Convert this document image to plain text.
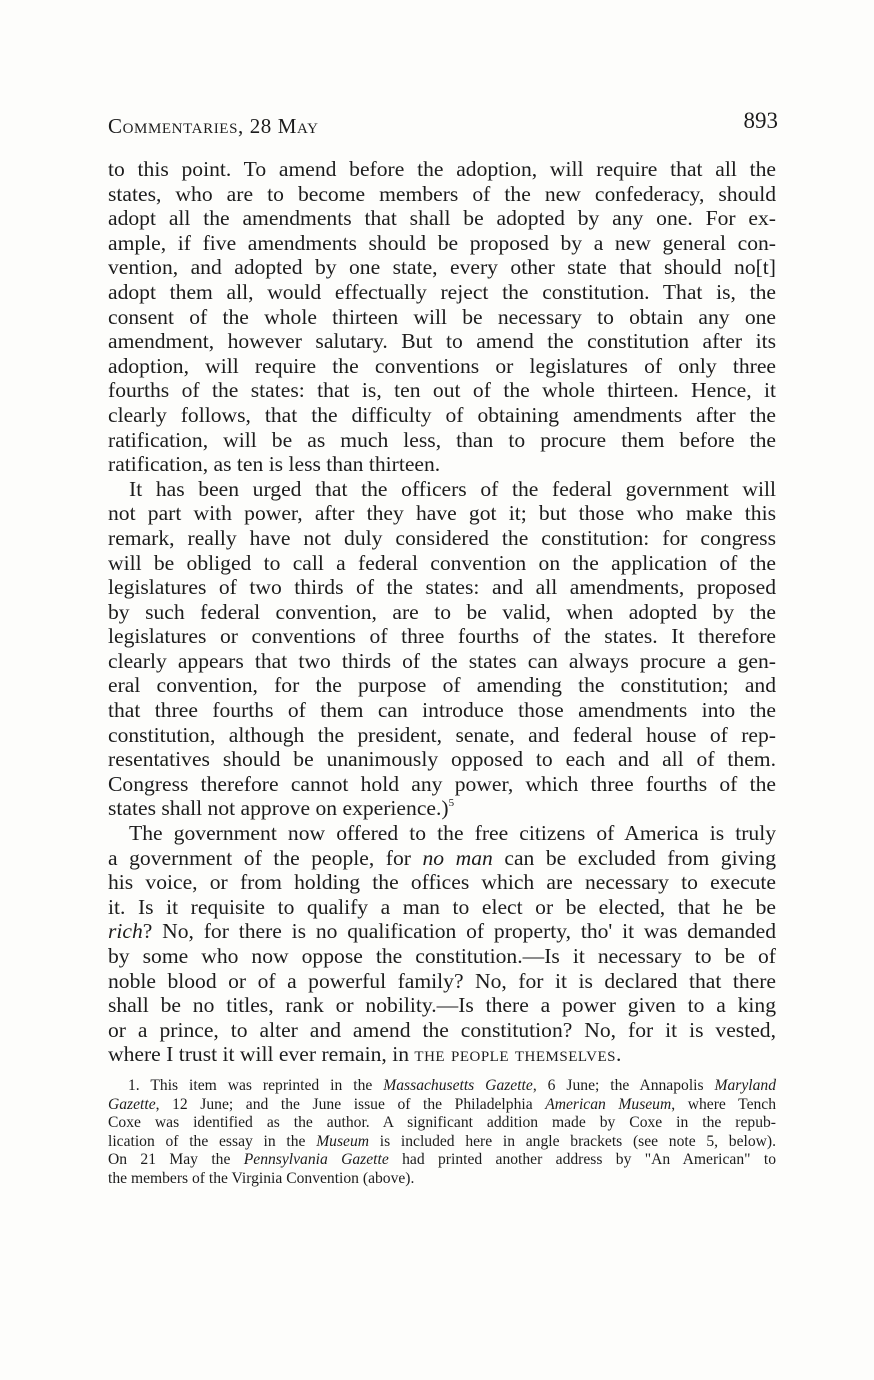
Commentaries, 28 May	893

to this point. To amend before the adoption, will require that all the
states, who are to become members of the new confederacy, should
adopt all the amendments that shall be adopted by any one. For ex-
ample, if five amendments should be proposed by a new general con-
vention, and adopted by one state, every other state that should no[t]
adopt them all, would effectually reject the constitution. That is, the
consent of the whole thirteen will be necessary to obtain any one
amendment, however salutary. But to amend the constitution after its
adoption, will require the conventions or legislatures of only three
fourths of the states: that is, ten out of the whole thirteen. Hence, it
clearly follows, that the difficulty of obtaining amendments after the
ratification, will be as much less, than to procure them before the
ratification, as ten is less than thirteen.

It has been urged that the officers of the federal government will
not part with power, after they have got it; but those who make this
remark, really have not duly considered the constitution: for congress
will be obliged to call a federal convention on the application of the
legislatures of two thirds of the states: and all amendments, proposed
by such federal convention, are to be valid, when adopted by the
legislatures or conventions of three fourths of the states. It therefore
clearly appears that two thirds of the states can always procure a gen-
eral convention, for the purpose of amending the constitution; and
that three fourths of them can introduce those amendments into the
constitution, although the president, senate, and federal house of rep-
resentatives should be unanimously opposed to each and all of them.
Congress therefore cannot hold any power, which three fourths of the
states shall not approve on experience.)$^5$

The government now offered to the free citizens of America is truly
a government of the people, for no man can be excluded from giving
his voice, or from holding the offices which are necessary to execute
it. Is it requisite to qualify a man to elect or be elected, that he be
rich? No, for there is no qualification of property, tho' it was demanded
by some who now oppose the constitution.—Is it necessary to be of
noble blood or of a powerful family? No, for it is declared that there
shall be no titles, rank or nobility.—Is there a power given to a king
or a prince, to alter and amend the constitution? No, for it is vested,
where I trust it will ever remain, in the people themselves.

1. This item was reprinted in the Massachusetts Gazette, 6 June; the Annapolis Maryland
Gazette, 12 June; and the June issue of the Philadelphia American Museum, where Tench
Coxe was identified as the author. A significant addition made by Coxe in the repub-
lication of the essay in the Museum is included here in angle brackets (see note 5, below).
On 21 May the Pennsylvania Gazette had printed another address by "An American" to
the members of the Virginia Convention (above).
